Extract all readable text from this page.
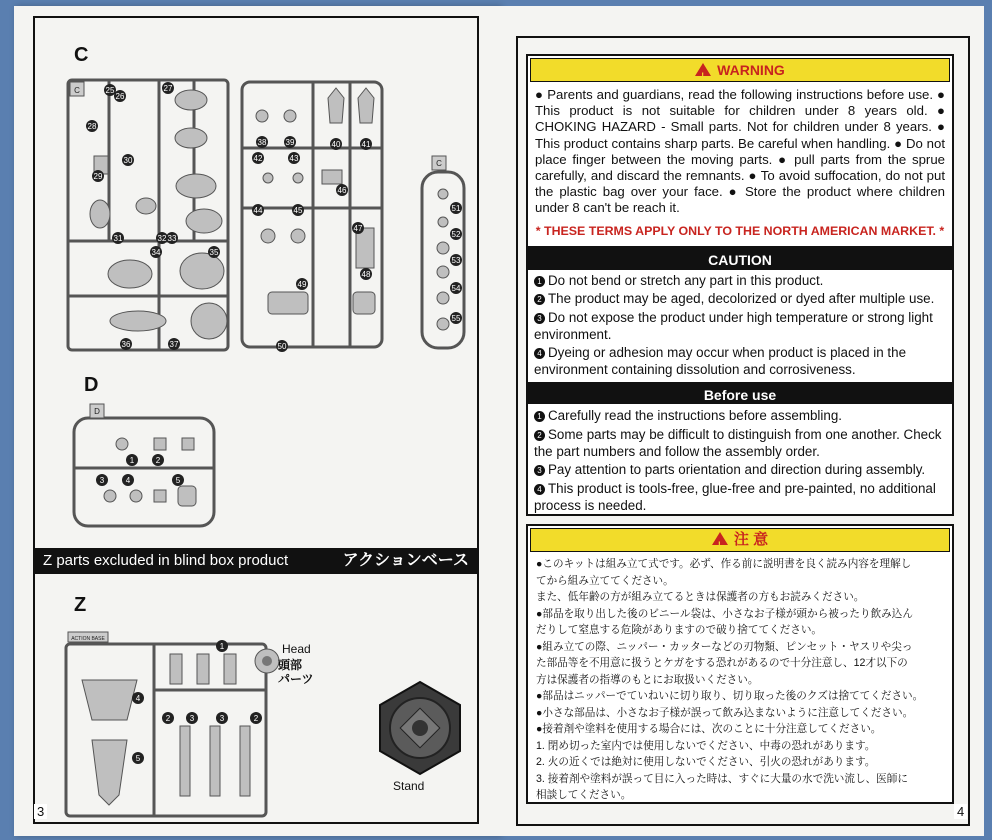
C
C	25
26
27
28
29
30
31	32 33
34	35
36	37
38 39	40	41
42	43
44	45
46
47
48
49
50
C
51
52
53
54
55
D
D
1	2
3	4	5
Z parts excluded in blind box product	アクションベース
Z
ACTION BASE
1
2	2
3	3
4
5
Head
頭部
パーツ
Stand
3
! WARNING
● Parents and guardians, read the following instructions before use. ● This product is not suitable for children under 8 years old. ● CHOKING HAZARD - Small parts. Not for children under 8 years. ● This product contains sharp parts. Be careful when handling. ● Do not place finger between the moving parts. ● pull parts from the sprue carefully, and discard the remnants. ● To avoid suffocation, do not put the plastic bag over your face. ● Store the product where children under 8 can't be reach it.
* THESE TERMS APPLY ONLY TO THE NORTH AMERICAN MARKET. *
CAUTION
1 Do not bend or stretch any part in this product.
2 The product may be aged, decolorized or dyed after multiple use.
3 Do not expose the product under high temperature or strong light environment.
4 Dyeing or adhesion may occur when product is placed in the environment containing dissolution and corrosiveness.
Before use
1 Carefully read the instructions before assembling.
2 Some parts may be difficult to distinguish from one another. Check the part numbers and follow the assembly order.
3 Pay attention to parts orientation and direction during assembly.
4 This product is tools-free, glue-free and pre-painted, no additional process is needed.
! 注 意
●このキットは組み立て式です。必ず、作る前に説明書を良く読み内容を理解し
てから組み立ててください。
また、低年齢の方が組み立てるときは保護者の方もお読みください。
●部品を取り出した後のビニール袋は、小さなお子様が頭から被ったり飲み込ん
だりして窒息する危険がありますので破り捨ててください。
●組み立ての際、ニッパー・カッターなどの刃物類、ピンセット・ヤスリや尖っ
た部品等を不用意に扱うとケガをする恐れがあるので十分注意し、12才以下の
方は保護者の指導のもとにお取扱いください。
●部品はニッパーでていねいに切り取り、切り取った後のクズは捨ててください。
●小さな部品は、小さなお子様が誤って飲み込まないように注意してください。
●接着剤や塗料を使用する場合には、次のことに十分注意してください。
1. 閉め切った室内では使用しないでください、中毒の恐れがあります。
2. 火の近くでは絶対に使用しないでください、引火の恐れがあります。
3. 接着剤や塗料が誤って目に入った時は、すぐに大量の水で洗い流し、医師に
相談してください。
4
